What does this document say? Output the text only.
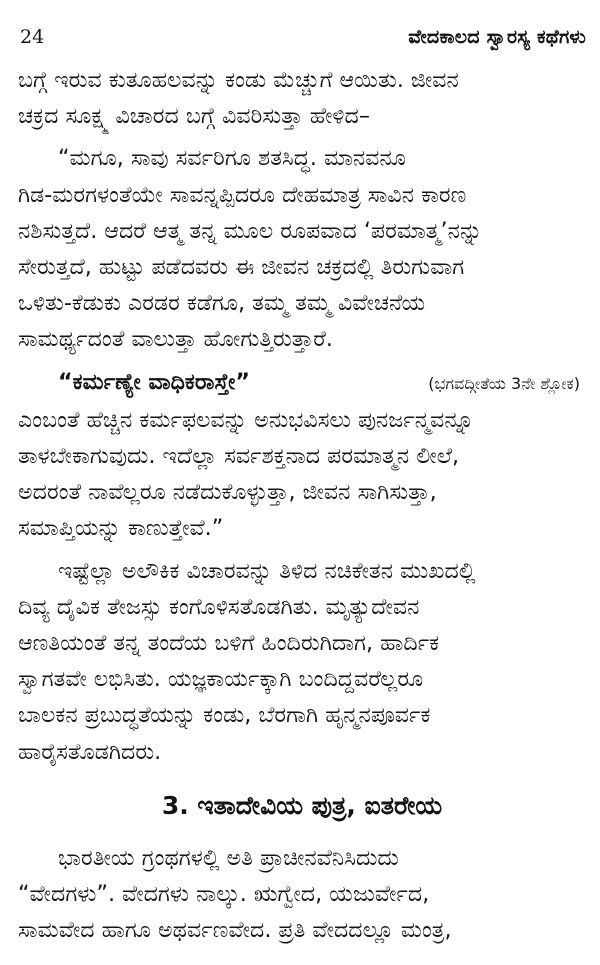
24	ವೇದಕಾಲದ ಸ್ವಾರಸ್ಯ ಕಥೆಗಳು
ಬಗ್ಗೆ ಇರುವ ಕುತೂಹಲವನ್ನು ಕಂಡು ಮೆಚ್ಚುಗೆ ಆಯಿತು. ಜೀವನ
ಚಕ್ರದ ಸೂಕ್ಷ್ಮ ವಿಚಾರದ ಬಗ್ಗೆ ವಿವರಿಸುತ್ತಾ ಹೇಳಿದ–
“ಮಗೂ, ಸಾವು ಸರ್ವರಿಗೂ ಶತಸಿದ್ಧ. ಮಾನವನೂ
ಗಿಡ-ಮರಗಳಂತೆಯೇ ಸಾವನ್ನಪ್ಪಿದರೂ ದೇಹಮಾತ್ರ ಸಾವಿನ ಕಾರಣ
ನಶಿಸುತ್ತದೆ. ಆದರೆ ಆತ್ಮ ತನ್ನ ಮೂಲ ರೂಪವಾದ ‘ಪರಮಾತ್ಮ’ನನ್ನು
ಸೇರುತ್ತದೆ, ಹುಟ್ಟು ಪಡೆದವರು ಈ ಜೀವನ ಚಕ್ರದಲ್ಲಿ ತಿರುಗುವಾಗ
ಒಳಿತು-ಕೆಡುಕು ಎರಡರ ಕಡೆಗೂ, ತಮ್ಮ ತಮ್ಮ ವಿವೇಚನೆಯ
ಸಾಮರ್ಥ್ಯದಂತೆ ವಾಲುತ್ತಾ ಹೋಗುತ್ತಿರುತ್ತಾರೆ.
“ಕರ್ಮಣ್ಯೇ ವಾಧಿಕರಾಸ್ತೇ”	(ಭಗವದ್ಗೀತೆಯ 3ನೇ ಶ್ಲೋಕ)
ಎಂಬಂತೆ ಹೆಚ್ಚಿನ ಕರ್ಮಫಲವನ್ನು ಅನುಭವಿಸಲು ಪುನರ್ಜನ್ಮವನ್ನೂ
ತಾಳಬೇಕಾಗುವುದು. ಇದೆಲ್ಲಾ ಸರ್ವಶಕ್ತನಾದ ಪರಮಾತ್ಮನ ಲೀಲೆ,
ಅದರಂತೆ ನಾವೆಲ್ಲರೂ ನಡೆದುಕೊಳ್ಳುತ್ತಾ, ಜೀವನ ಸಾಗಿಸುತ್ತಾ,
ಸಮಾಪ್ತಿಯನ್ನು ಕಾಣುತ್ತೇವೆ.”
ಇಷ್ಟೆಲ್ಲಾ ಅಲೌಕಿಕ ವಿಚಾರವನ್ನು ತಿಳಿದ ನಚಿಕೇತನ ಮುಖದಲ್ಲಿ
ದಿವ್ಯ ದೈವಿಕ ತೇಜಸ್ಸು ಕಂಗೊಳಿಸತೊಡಗಿತು. ಮೃತ್ಯುದೇವನ
ಆಣತಿಯಂತೆ ತನ್ನ ತಂದೆಯ ಬಳಿಗೆ ಹಿಂದಿರುಗಿದಾಗ, ಹಾರ್ದಿಕ
ಸ್ವಾಗತವೇ ಲಭಿಸಿತು. ಯಜ್ಞಕಾರ್ಯಕ್ಕಾಗಿ ಬಂದಿದ್ದವರೆಲ್ಲರೂ
ಬಾಲಕನ ಪ್ರಬುದ್ಧತೆಯನ್ನು ಕಂಡು, ಬೆರಗಾಗಿ ಹೃನ್ಮನಪೂರ್ವಕ
ಹಾರೈಸತೊಡಗಿದರು.
3. ಇತಾದೇವಿಯ ಪುತ್ರ, ಐತರೇಯ
ಭಾರತೀಯ ಗ್ರಂಥಗಳಲ್ಲಿ ಅತಿ ಪ್ರಾಚೀನವೆನಿಸಿದುದು
“ವೇದಗಳು”. ವೇದಗಳು ನಾಲ್ಕು. ಋಗ್ವೇದ, ಯಜುರ್ವೇದ,
ಸಾಮವೇದ ಹಾಗೂ ಅಥರ್ವಣವೇದ. ಪ್ರತಿ ವೇದದಲ್ಲೂ ಮಂತ್ರ,
